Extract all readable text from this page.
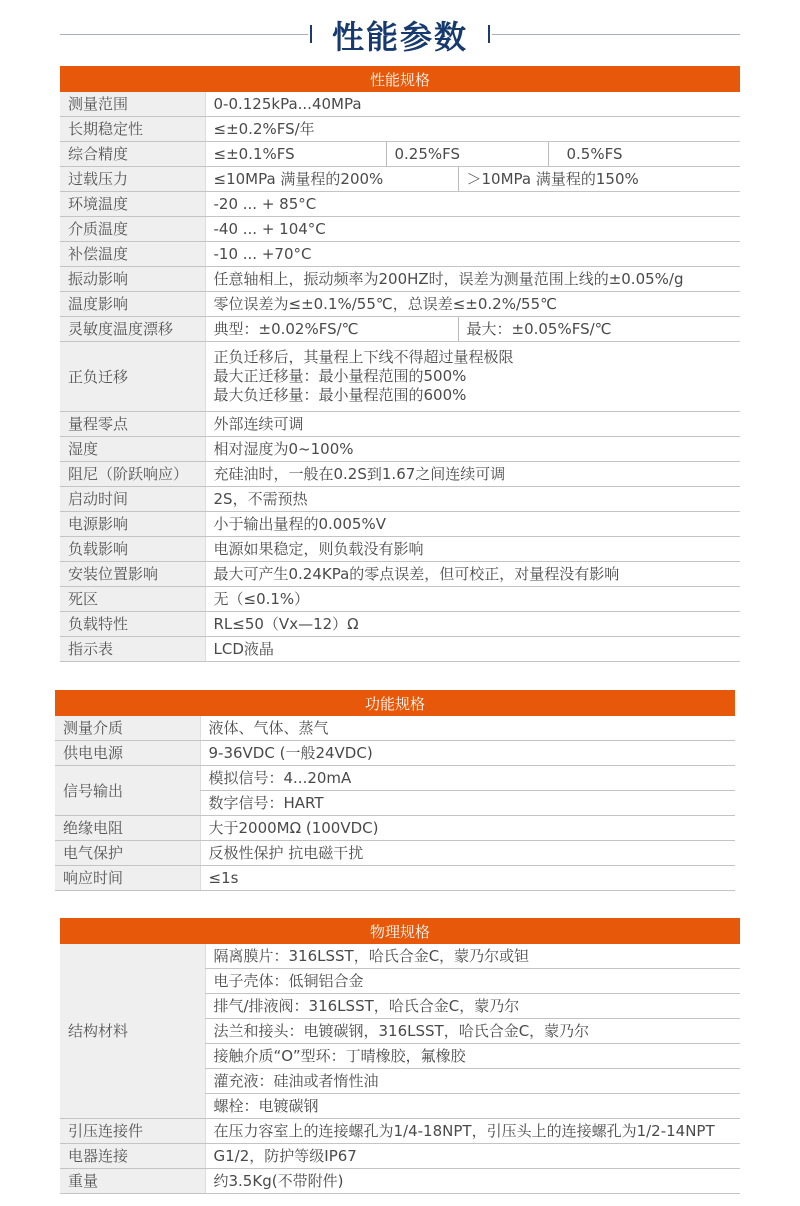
性能参数
性能规格				
测量范围	0-0.125kPa...40MPa			
长期稳定性	≤±0.2%FS/年			
综合精度	≤±0.1%FS	0.25%FS		0.5%FS
过载压力	≤10MPa 满量程的200%		＞10MPa 满量程的150%	
环境温度	-20 ... + 85°C			
介质温度	-40 ... + 104°C			
补偿温度	-10 ... +70°C			
振动影响	任意轴相上，振动频率为200HZ时，误差为测量范围上线的±0.05%/g			
温度影响	零位误差为≤±0.1%/55℃，总误差≤±0.2%/55℃			
灵敏度温度漂移	典型：±0.02%FS/℃		最大：±0.05%FS/℃	
正负迁移	正负迁移后，其量程上下线不得超过量程极限
最大正迁移量：最小量程范围的500%
最大负迁移量：最小量程范围的600%			

量程零点	外部连续可调			
湿度	相对湿度为0~100%			
阻尼（阶跃响应）	充硅油时，一般在0.2S到1.67之间连续可调			
启动时间	2S，不需预热			
电源影响	小于输出量程的0.005%V			
负载影响	电源如果稳定，则负载没有影响			
安装位置影响	最大可产生0.24KPa的零点误差，但可校正，对量程没有影响			
死区	无（≤0.1%）			
负载特性	RL≤50（Vx—12）Ω			
指示表	LCD液晶			
功能规格	
测量介质	液体、气体、蒸气
供电电源	9-36VDC (一般24VDC)
信号输出	模拟信号：4...20mA
	数字信号：HART
绝缘电阻	大于2000MΩ (100VDC)
电气保护	反极性保护 抗电磁干扰
响应时间	≤1s
物理规格	
结构材料	隔离膜片：316LSST，哈氏合金C，蒙乃尔或钽
	电子壳体：低铜铝合金
	排气/排液阀：316LSST，哈氏合金C，蒙乃尔
	法兰和接头：电镀碳钢，316LSST，哈氏合金C，蒙乃尔
	接触介质“O”型环：丁晴橡胶，氟橡胶
	灌充液：硅油或者惰性油
	螺栓：电镀碳钢
引压连接件	在压力容室上的连接螺孔为1/4-18NPT，引压头上的连接螺孔为1/2-14NPT
电器连接	G1/2，防护等级IP67
重量	约3.5Kg(不带附件)
